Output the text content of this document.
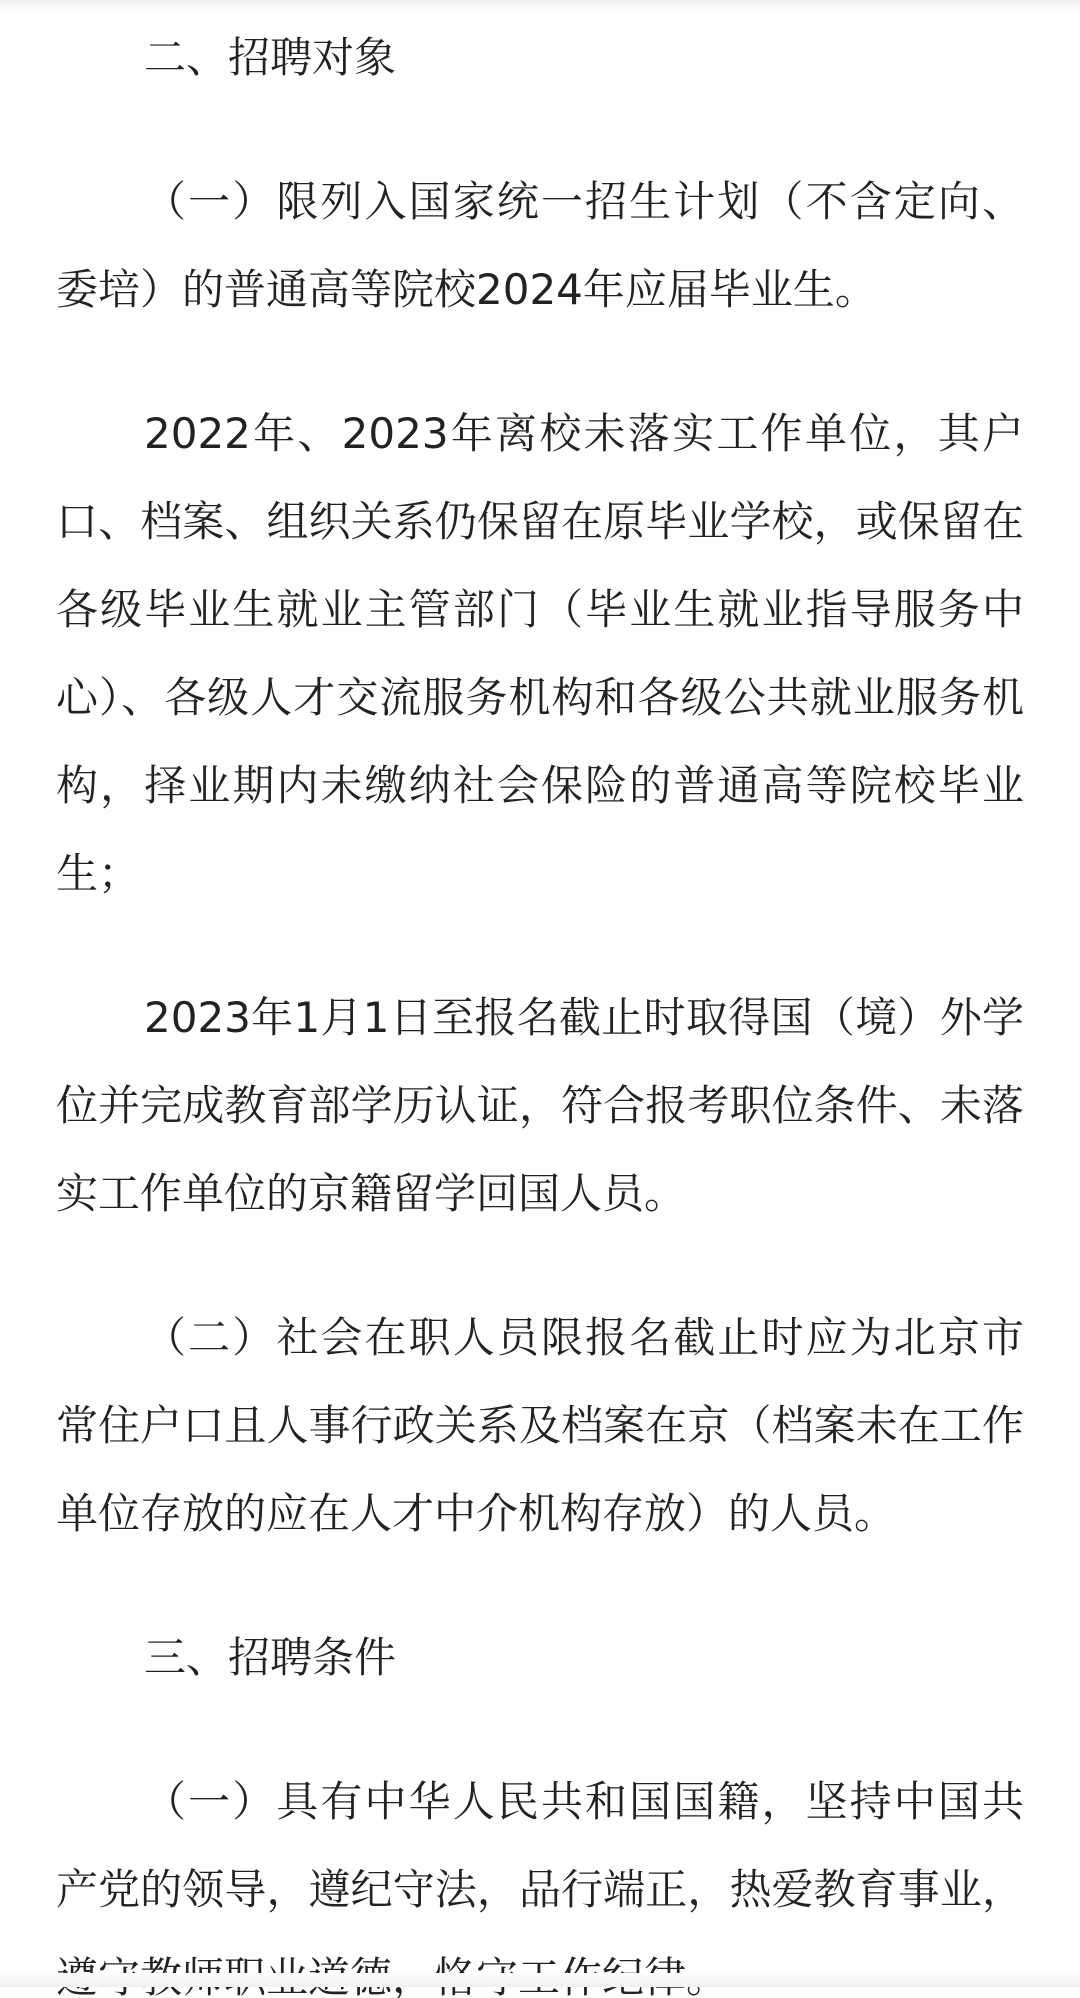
二、招聘对象

（一）限列入国家统一招生计划（不含定向、委培）的普通高等院校2024年应届毕业生。

2022年、2023年离校未落实工作单位，其户口、档案、组织关系仍保留在原毕业学校，或保留在各级毕业生就业主管部门（毕业生就业指导服务中心）、各级人才交流服务机构和各级公共就业服务机构，择业期内未缴纳社会保险的普通高等院校毕业生；

2023年1月1日至报名截止时取得国（境）外学位并完成教育部学历认证，符合报考职位条件、未落实工作单位的京籍留学回国人员。

（二）社会在职人员限报名截止时应为北京市常住户口且人事行政关系及档案在京（档案未在工作单位存放的应在人才中介机构存放）的人员。

三、招聘条件

（一）具有中华人民共和国国籍，坚持中国共产党的领导，遵纪守法，品行端正，热爱教育事业，
